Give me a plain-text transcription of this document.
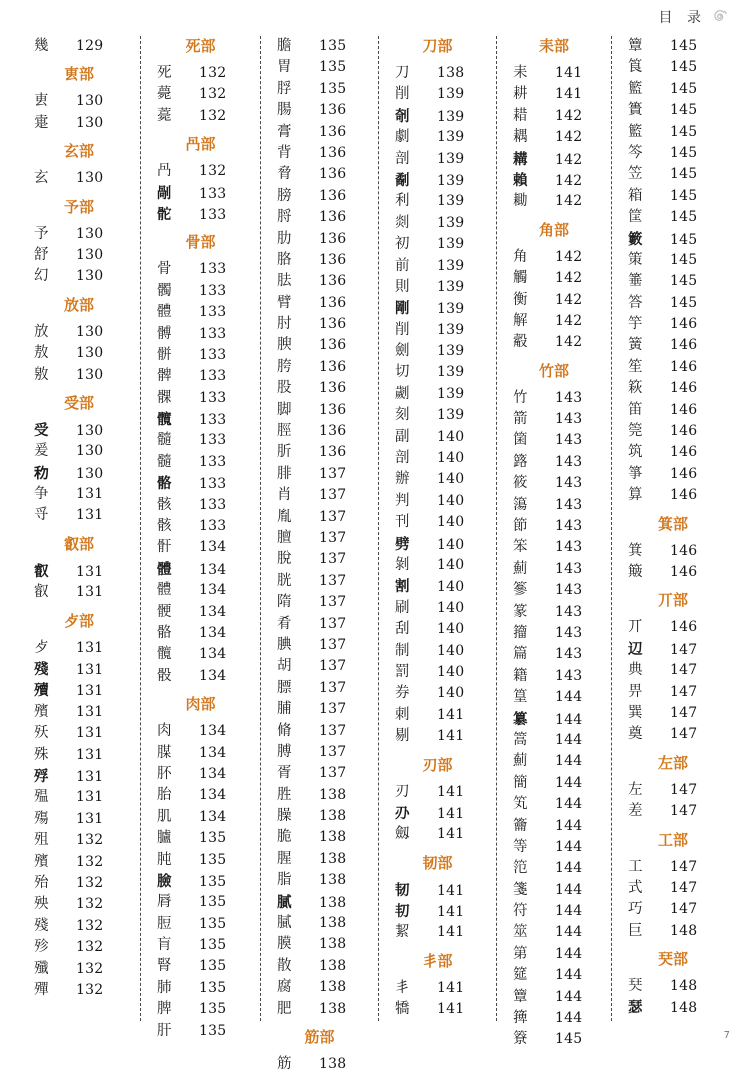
目 录
幾	129
叀部
叀	130
疐	130
玄部
玄	130
予部
予	130
舒	130
幻	130
放部
放	130
敖	130
敫	130
受部
受	130
爰	130
𥝢	130
争	131
寽	131
叡部
叡	131
叡	131
歺部
歺	131
殘	131
殰	131
殯	131
殀	131
殊	131
殍	131
殟	131
殤	131
殂	132
殯	132
殆	132
殃	132
殘	132
殄	132
殲	132
殫	132
死部
死	132
薨	132
薧	132
冎部
冎	132
剮	133
𩨭	133
骨部
骨	133
髑	133
體	133
髆	133
骿	133
髀	133
髁	133
髖	133
髓	133
髓	133
骼	133
骸	133
骸	133
骭	134
體	134
體	134
骾	134
骼	134
髖	134
骰	134
肉部
肉	134
腜	134
肧	134
胎	134
肌	134
臚	135
肫	135
臉	135
脣	135
脰	135
肓	135
腎	135
肺	135
脾	135
肝	135
膽	135
胃	135
脬	135
腸	136
膏	136
背	136
脅	136
膀	136
脟	136
肋	136
胳	136
胠	136
臂	136
肘	136
腴	136
胯	136
股	136
脚	136
脛	136
肵	136
腓	137
肖	137
胤	137
膻	137
脫	137
胱	137
隋	137
肴	137
腆	137
胡	137
膘	137
脯	137
脩	137
膊	137
胥	137
胜	138
臊	138
脆	138
腥	138
脂	138
膩	138
膩	138
膜	138
散	138
腐	138
肥	138
筋部
筋	138
刀部
刀	138
削	139
剞	139
劇	139
剖	139
劀	139
利	139
剡	139
初	139
前	139
則	139
剛	139
削	139
劍	139
切	139
劌	139
刻	139
副	140
剖	140
辦	140
判	140
刊	140
劈	140
剝	140
割	140
刷	140
刮	140
制	140
罰	140
券	140
刺	141
剔	141
刃部
刃	141
刅	141
劔	141
韧部
韧	141
㓞	141
絜	141
丯部
丯	141
犞	141
耒部
耒	141
耕	141
耤	142
耦	142
耩	142
賴	142
耡	142
角部
角	142
觸	142
衡	142
解	142
觳	142
竹部
竹	143
箭	143
箘	143
簬	143
筱	143
簜	143
節	143
笨	143
薊	143
篸	143
篆	143
籀	143
篇	143
籍	143
篁	144
簒	144
篙	144
薊	144
簡	144
笂	144
籥	144
等	144
笵	144
箋	144
符	144
筮	144
第	144
筵	144
簟	144
篺	144
簝	145
簟	145
筤	145
籃	145
簣	145
籃	145
笒	145
笠	145
箱	145
筐	145
籔	145
策	145
箠	145
答	145
竽	146
簧	146
笙	146
篍	146
笛	146
筦	146
筑	146
箏	146
算	146
箕部
箕	146
簸	146
丌部
丌	146
辺	147
典	147
畀	147
巽	147
奠	147
左部
左	147
差	147
工部
工	147
式	147
巧	147
巨	148
珡部
珡	148
瑟	148
7
